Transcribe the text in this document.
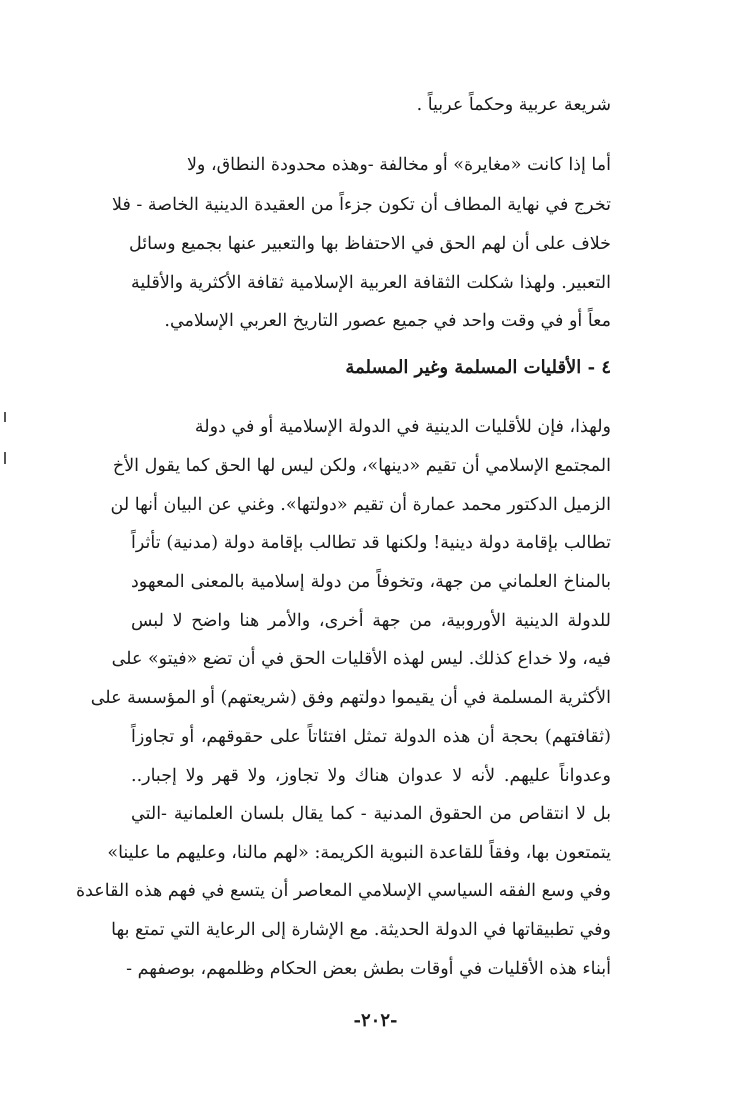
شريعة عربية وحكماً عربياً .
أما إذا كانت «مغايرة» أو مخالفة -وهذه محدودة النطاق، ولا
تخرج في نهاية المطاف أن تكون جزءاً من العقيدة الدينية الخاصة - فلا
خلاف على أن لهم الحق في الاحتفاظ بها والتعبير عنها بجميع وسائل
التعبير. ولهذا شكلت الثقافة العربية الإسلامية ثقافة الأكثرية والأقلية
معاً أو في وقت واحد في جميع عصور التاريخ العربي الإسلامي.
٤ - الأقليات المسلمة وغير المسلمة
ولهذا، فإن للأقليات الدينية في الدولة الإسلامية أو في دولة
المجتمع الإسلامي أن تقيم «دينها»، ولكن ليس لها الحق كما يقول الأخ
الزميل الدكتور محمد عمارة أن تقيم «دولتها». وغني عن البيان أنها لن
تطالب بإقامة دولة دينية! ولكنها قد تطالب بإقامة دولة (مدنية) تأثراً
بالمناخ العلماني من جهة، وتخوفاً من دولة إسلامية بالمعنى المعهود
للدولة الدينية الأوروبية، من جهة أخرى، والأمر هنا واضح لا لبس
فيه، ولا خداع كذلك. ليس لهذه الأقليات الحق في أن تضع «فيتو» على
الأكثرية المسلمة في أن يقيموا دولتهم وفق (شريعتهم) أو المؤسسة على
(ثقافتهم) بحجة أن هذه الدولة تمثل افتئاتاً على حقوقهم، أو تجاوزاً
وعدواناً عليهم. لأنه لا عدوان هناك ولا تجاوز، ولا قهر ولا إجبار..
بل لا انتقاص من الحقوق المدنية - كما يقال بلسان العلمانية -التي
يتمتعون بها، وفقاً للقاعدة النبوية الكريمة: «لهم مالنا، وعليهم ما علينا»
وفي وسع الفقه السياسي الإسلامي المعاصر أن يتسع في فهم هذه القاعدة
وفي تطبيقاتها في الدولة الحديثة. مع الإشارة إلى الرعاية التي تمتع بها
أبناء هذه الأقليات في أوقات بطش بعض الحكام وظلمهم، بوصفهم -
-٢٠٢-
